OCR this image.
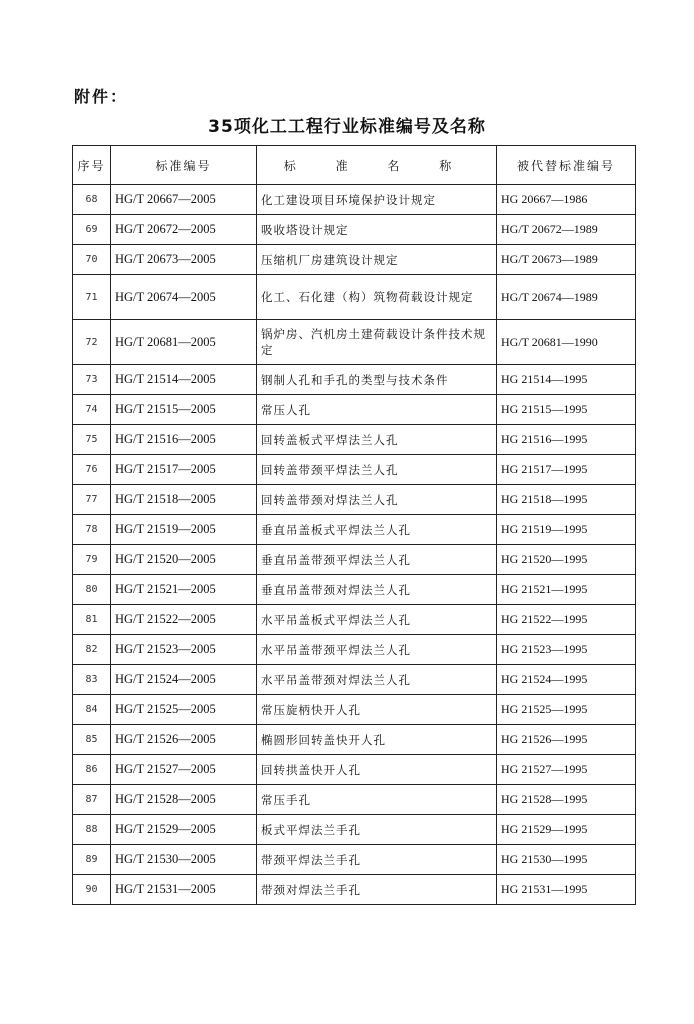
附件：
35项化工工程行业标准编号及名称
序号	标准编号	标 准 名 称	被代替标准编号
68	HG/T 20667—2005	化工建设项目环境保护设计规定	HG 20667—1986
69	HG/T 20672—2005	吸收塔设计规定	HG/T 20672—1989
70	HG/T 20673—2005	压缩机厂房建筑设计规定	HG/T 20673—1989
71	HG/T 20674—2005	化工、石化建（构）筑物荷载设计规定	HG/T 20674—1989
72	HG/T 20681—2005	锅炉房、汽机房土建荷载设计条件技术规定	HG/T 20681—1990
73	HG/T 21514—2005	钢制人孔和手孔的类型与技术条件	HG 21514—1995
74	HG/T 21515—2005	常压人孔	HG 21515—1995
75	HG/T 21516—2005	回转盖板式平焊法兰人孔	HG 21516—1995
76	HG/T 21517—2005	回转盖带颈平焊法兰人孔	HG 21517—1995
77	HG/T 21518—2005	回转盖带颈对焊法兰人孔	HG 21518—1995
78	HG/T 21519—2005	垂直吊盖板式平焊法兰人孔	HG 21519—1995
79	HG/T 21520—2005	垂直吊盖带颈平焊法兰人孔	HG 21520—1995
80	HG/T 21521—2005	垂直吊盖带颈对焊法兰人孔	HG 21521—1995
81	HG/T 21522—2005	水平吊盖板式平焊法兰人孔	HG 21522—1995
82	HG/T 21523—2005	水平吊盖带颈平焊法兰人孔	HG 21523—1995
83	HG/T 21524—2005	水平吊盖带颈对焊法兰人孔	HG 21524—1995
84	HG/T 21525—2005	常压旋柄快开人孔	HG 21525—1995
85	HG/T 21526—2005	椭圆形回转盖快开人孔	HG 21526—1995
86	HG/T 21527—2005	回转拱盖快开人孔	HG 21527—1995
87	HG/T 21528—2005	常压手孔	HG 21528—1995
88	HG/T 21529—2005	板式平焊法兰手孔	HG 21529—1995
89	HG/T 21530—2005	带颈平焊法兰手孔	HG 21530—1995
90	HG/T 21531—2005	带颈对焊法兰手孔	HG 21531—1995
